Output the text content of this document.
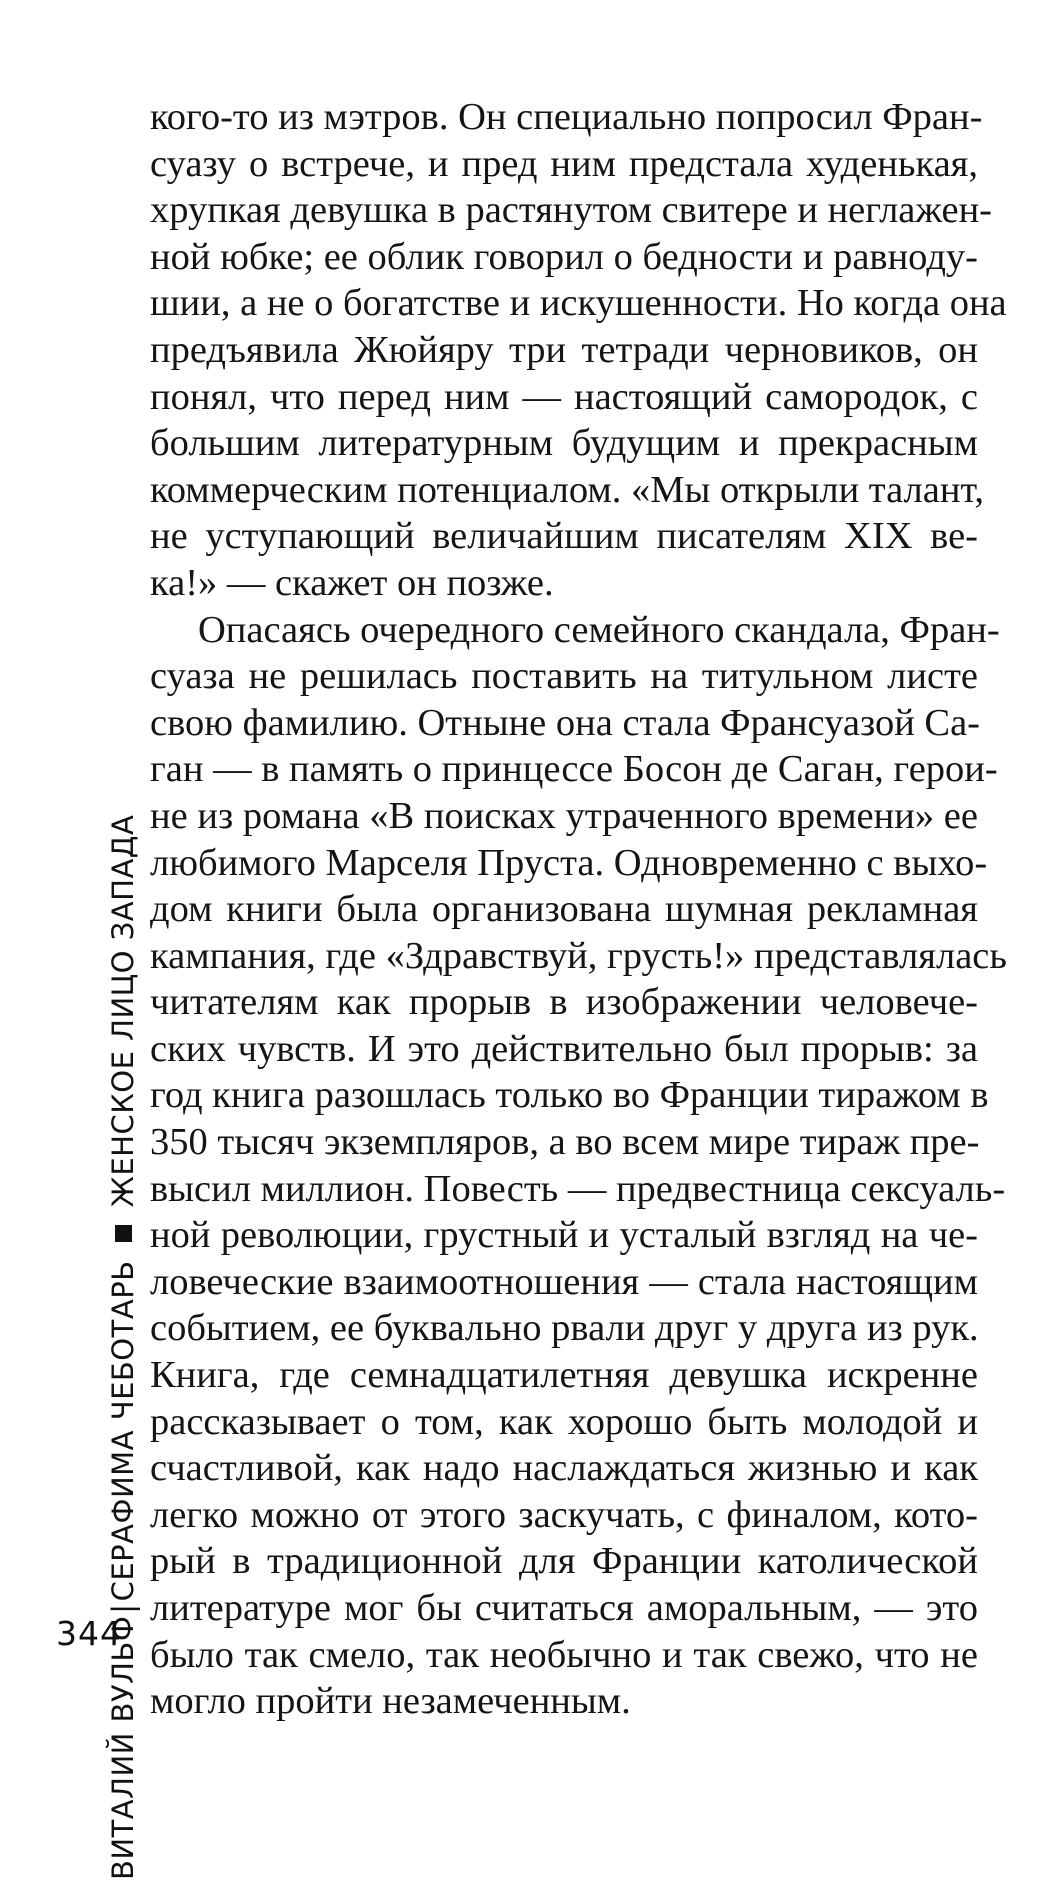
ВИТАЛИЙ ВУЛЬФ|СЕРАФИМА ЧЕБОТАРЬЖЕНСКОЕ ЛИЦО ЗАПАДА
кого-то из мэтров. Он специально попросил Фран-
суазу о встрече, и пред ним предстала худенькая,
хрупкая девушка в растянутом свитере и неглажен-
ной юбке; ее облик говорил о бедности и равноду-
шии, а не о богатстве и искушенности. Но когда она
предъявила Жюйяру три тетради черновиков, он
понял, что перед ним — настоящий самородок, с
большим литературным будущим и прекрасным
коммерческим потенциалом. «Мы открыли талант,
не уступающий величайшим писателям XIX ве-
ка!» — скажет он позже.
Опасаясь очередного семейного скандала, Фран-
суаза не решилась поставить на титульном листе
свою фамилию. Отныне она стала Франсуазой Са-
ган — в память о принцессе Босон де Саган, герои-
не из романа «В поисках утраченного времени» ее
любимого Марселя Пруста. Одновременно с выхо-
дом книги была организована шумная рекламная
кампания, где «Здравствуй, грусть!» представлялась
читателям как прорыв в изображении человече-
ских чувств. И это действительно был прорыв: за
год книга разошлась только во Франции тиражом в
350 тысяч экземпляров, а во всем мире тираж пре-
высил миллион. Повесть — предвестница сексуаль-
ной революции, грустный и усталый взгляд на че-
ловеческие взаимоотношения — стала настоящим
событием, ее буквально рвали друг у друга из рук.
Книга, где семнадцатилетняя девушка искренне
рассказывает о том, как хорошо быть молодой и
счастливой, как надо наслаждаться жизнью и как
легко можно от этого заскучать, с финалом, кото-
рый в традиционной для Франции католической
литературе мог бы считаться аморальным, — это
было так смело, так необычно и так свежо, что не
могло пройти незамеченным.
344
